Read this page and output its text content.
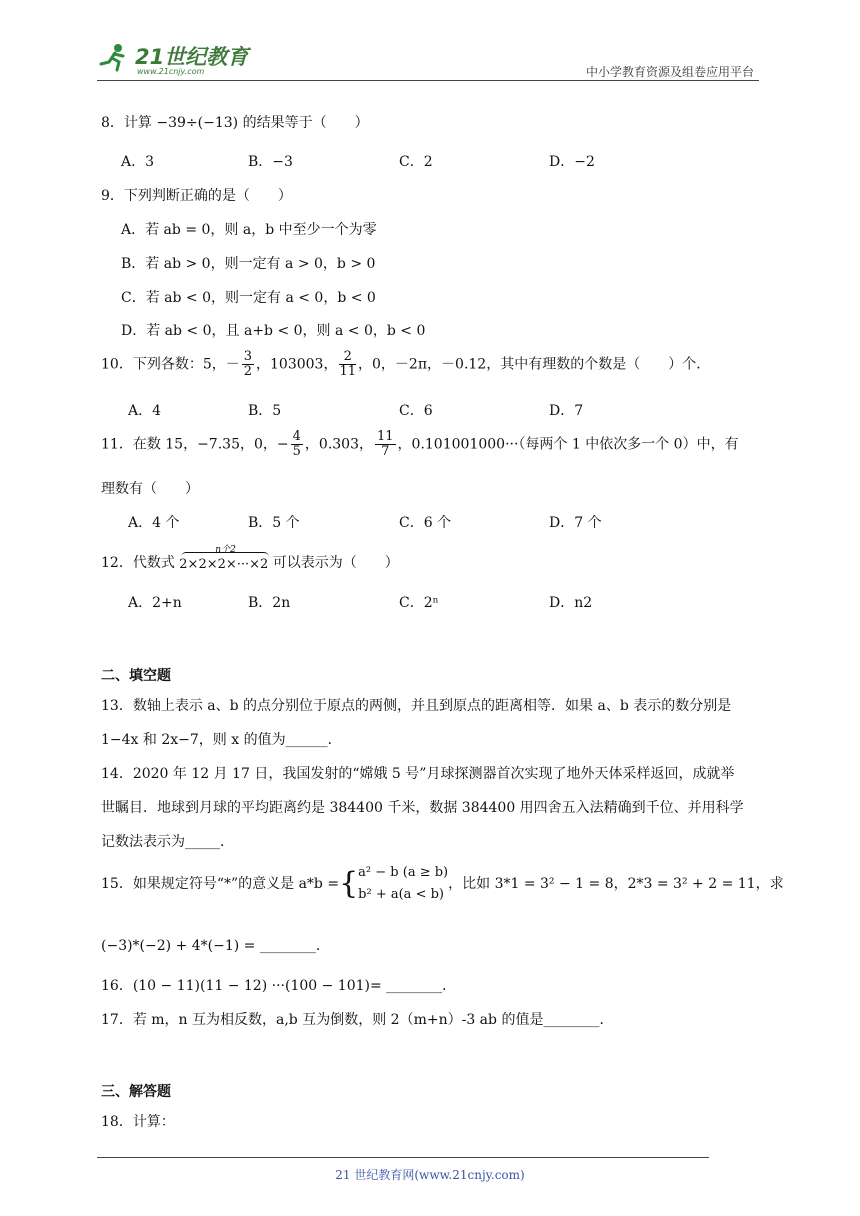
21世纪教育
www.21cnjy.com	中小学教育资源及组卷应用平台
8．计算 −39÷(−13) 的结果等于（　　）
A．3	B．−3	C．2	D．−2
9．下列判断正确的是（　　）
A．若 ab = 0，则 a，b 中至少一个为零
B．若 ab > 0，则一定有 a > 0，b > 0
C．若 ab < 0，则一定有 a < 0，b < 0
D．若 ab < 0，且 a+b < 0，则 a < 0，b < 0
10．下列各数：5，－ $\frac{3}{2}$ ，103003， $\frac{2}{11}$ ，0，－2π，－0.12，其中有理数的个数是（　　）个．
A．4	B．5	C．6	D．7
11．在数 15，−7.35，0，− $\frac{4}{5}$ ，0.303， $\frac{11}{7}$ ，0.101001000···（每两个 1 中依次多一个 0）中，有
理数有（　　）
A．4 个	B．5 个	C．6 个	D．7 个
12．代数式
n个2
2×2×2×···×2 可以表示为（　　）
A．2+n	B．2n	C．2ⁿ	D．n2
二、填空题
13．数轴上表示 a、b 的点分别位于原点的两侧，并且到原点的距离相等．如果 a、b 表示的数分别是
1−4x 和 2x−7，则 x 的值为______．
14．2020 年 12 月 17 日，我国发射的“嫦娥 5 号”月球探测器首次实现了地外天体采样返回，成就举
世瞩目．地球到月球的平均距离约是 384400 千米，数据 384400 用四舍五入法精确到千位、并用科学
记数法表示为_____．
15．如果规定符号“*”的意义是 a*b ={ a² − b (a ≥ b)
b² + a(a < b)
，比如 3*1 = 3² − 1 = 8，2*3 = 3² + 2 = 11，求
(−3)*(−2) + 4*(−1) = ________．
16．(10 − 11)(11 − 12) ···(100 − 101)= ________．
17．若 m，n 互为相反数，a,b 互为倒数，则 2（m+n）-3 ab 的值是________．
三、解答题
18．计算：
21 世纪教育网(www.21cnjy.com)
